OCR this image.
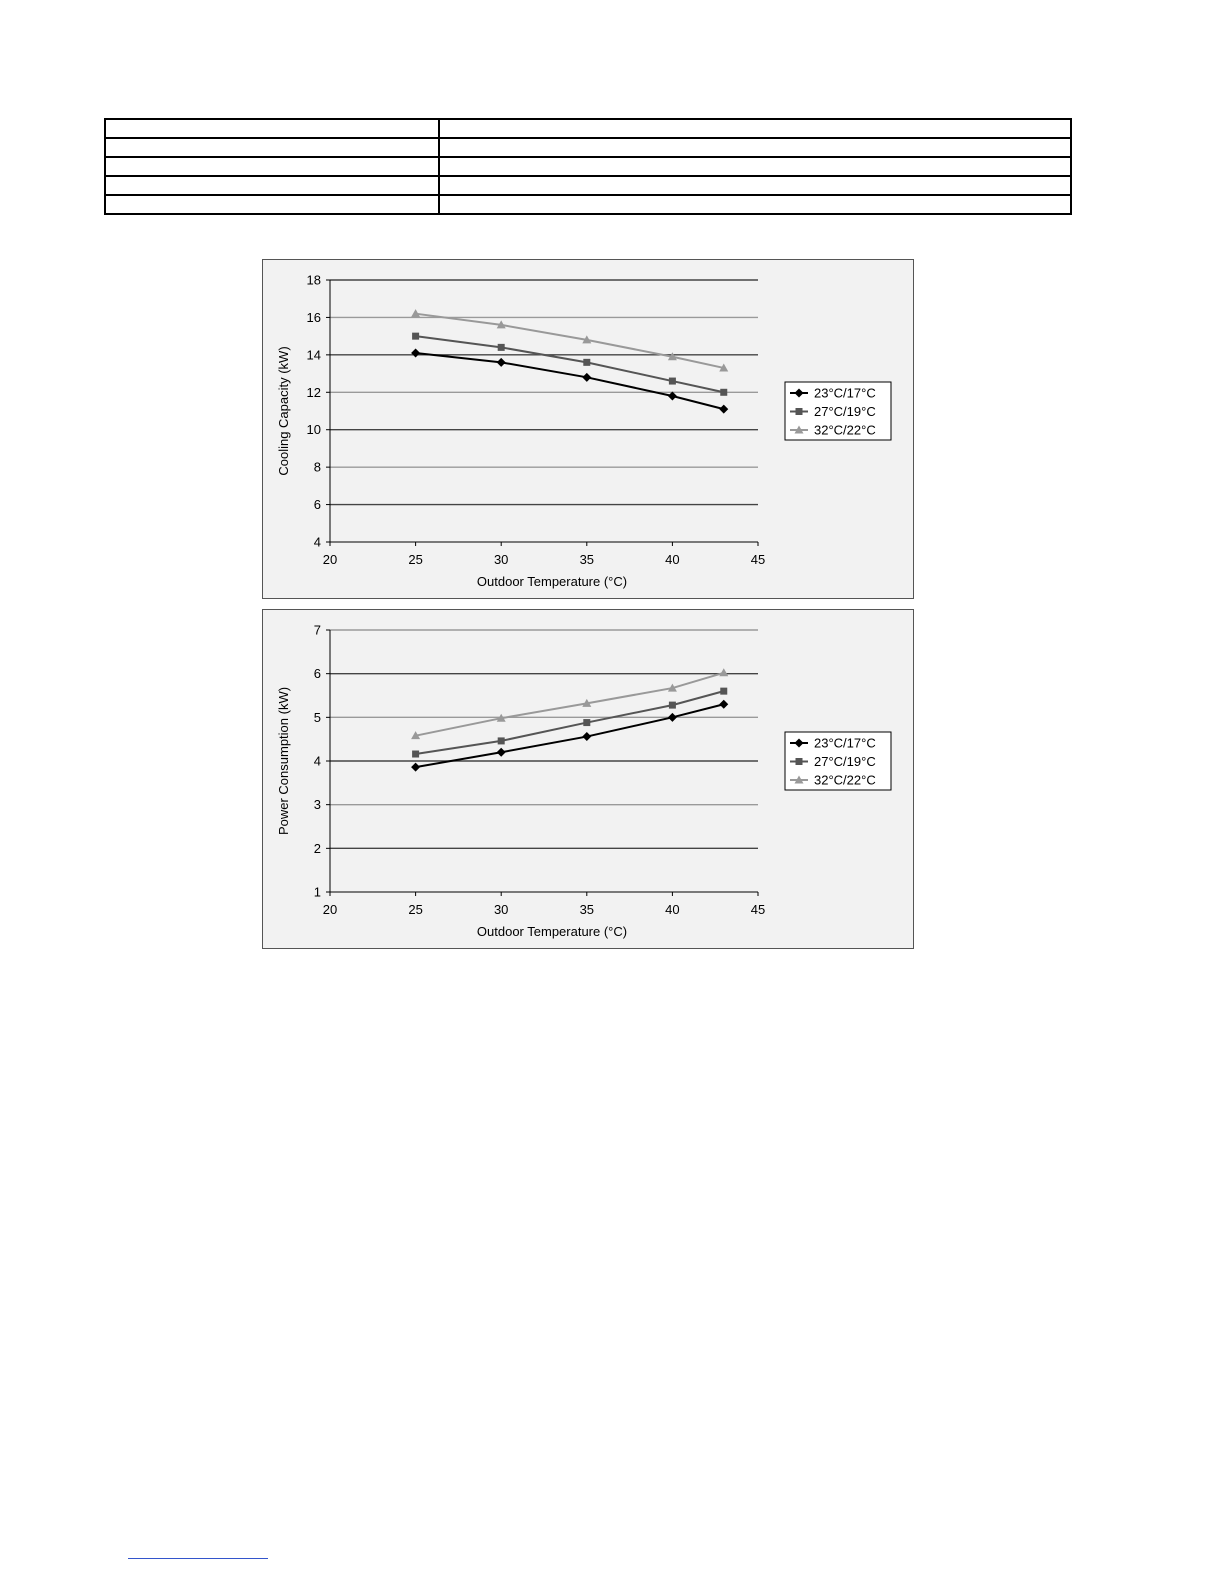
4
6
8
10
12
14
16
18
20	25	30	35	40	45
Outdoor Temperature (°C)
Cooling Capacity (kW)	23°C/17°C
27°C/19°C
32°C/22°C
1
2
3
4
5
6
7
20	25	30	35	40	45
Outdoor Temperature (°C)
Power Consumption (kW)	23°C/17°C
27°C/19°C
32°C/22°C
